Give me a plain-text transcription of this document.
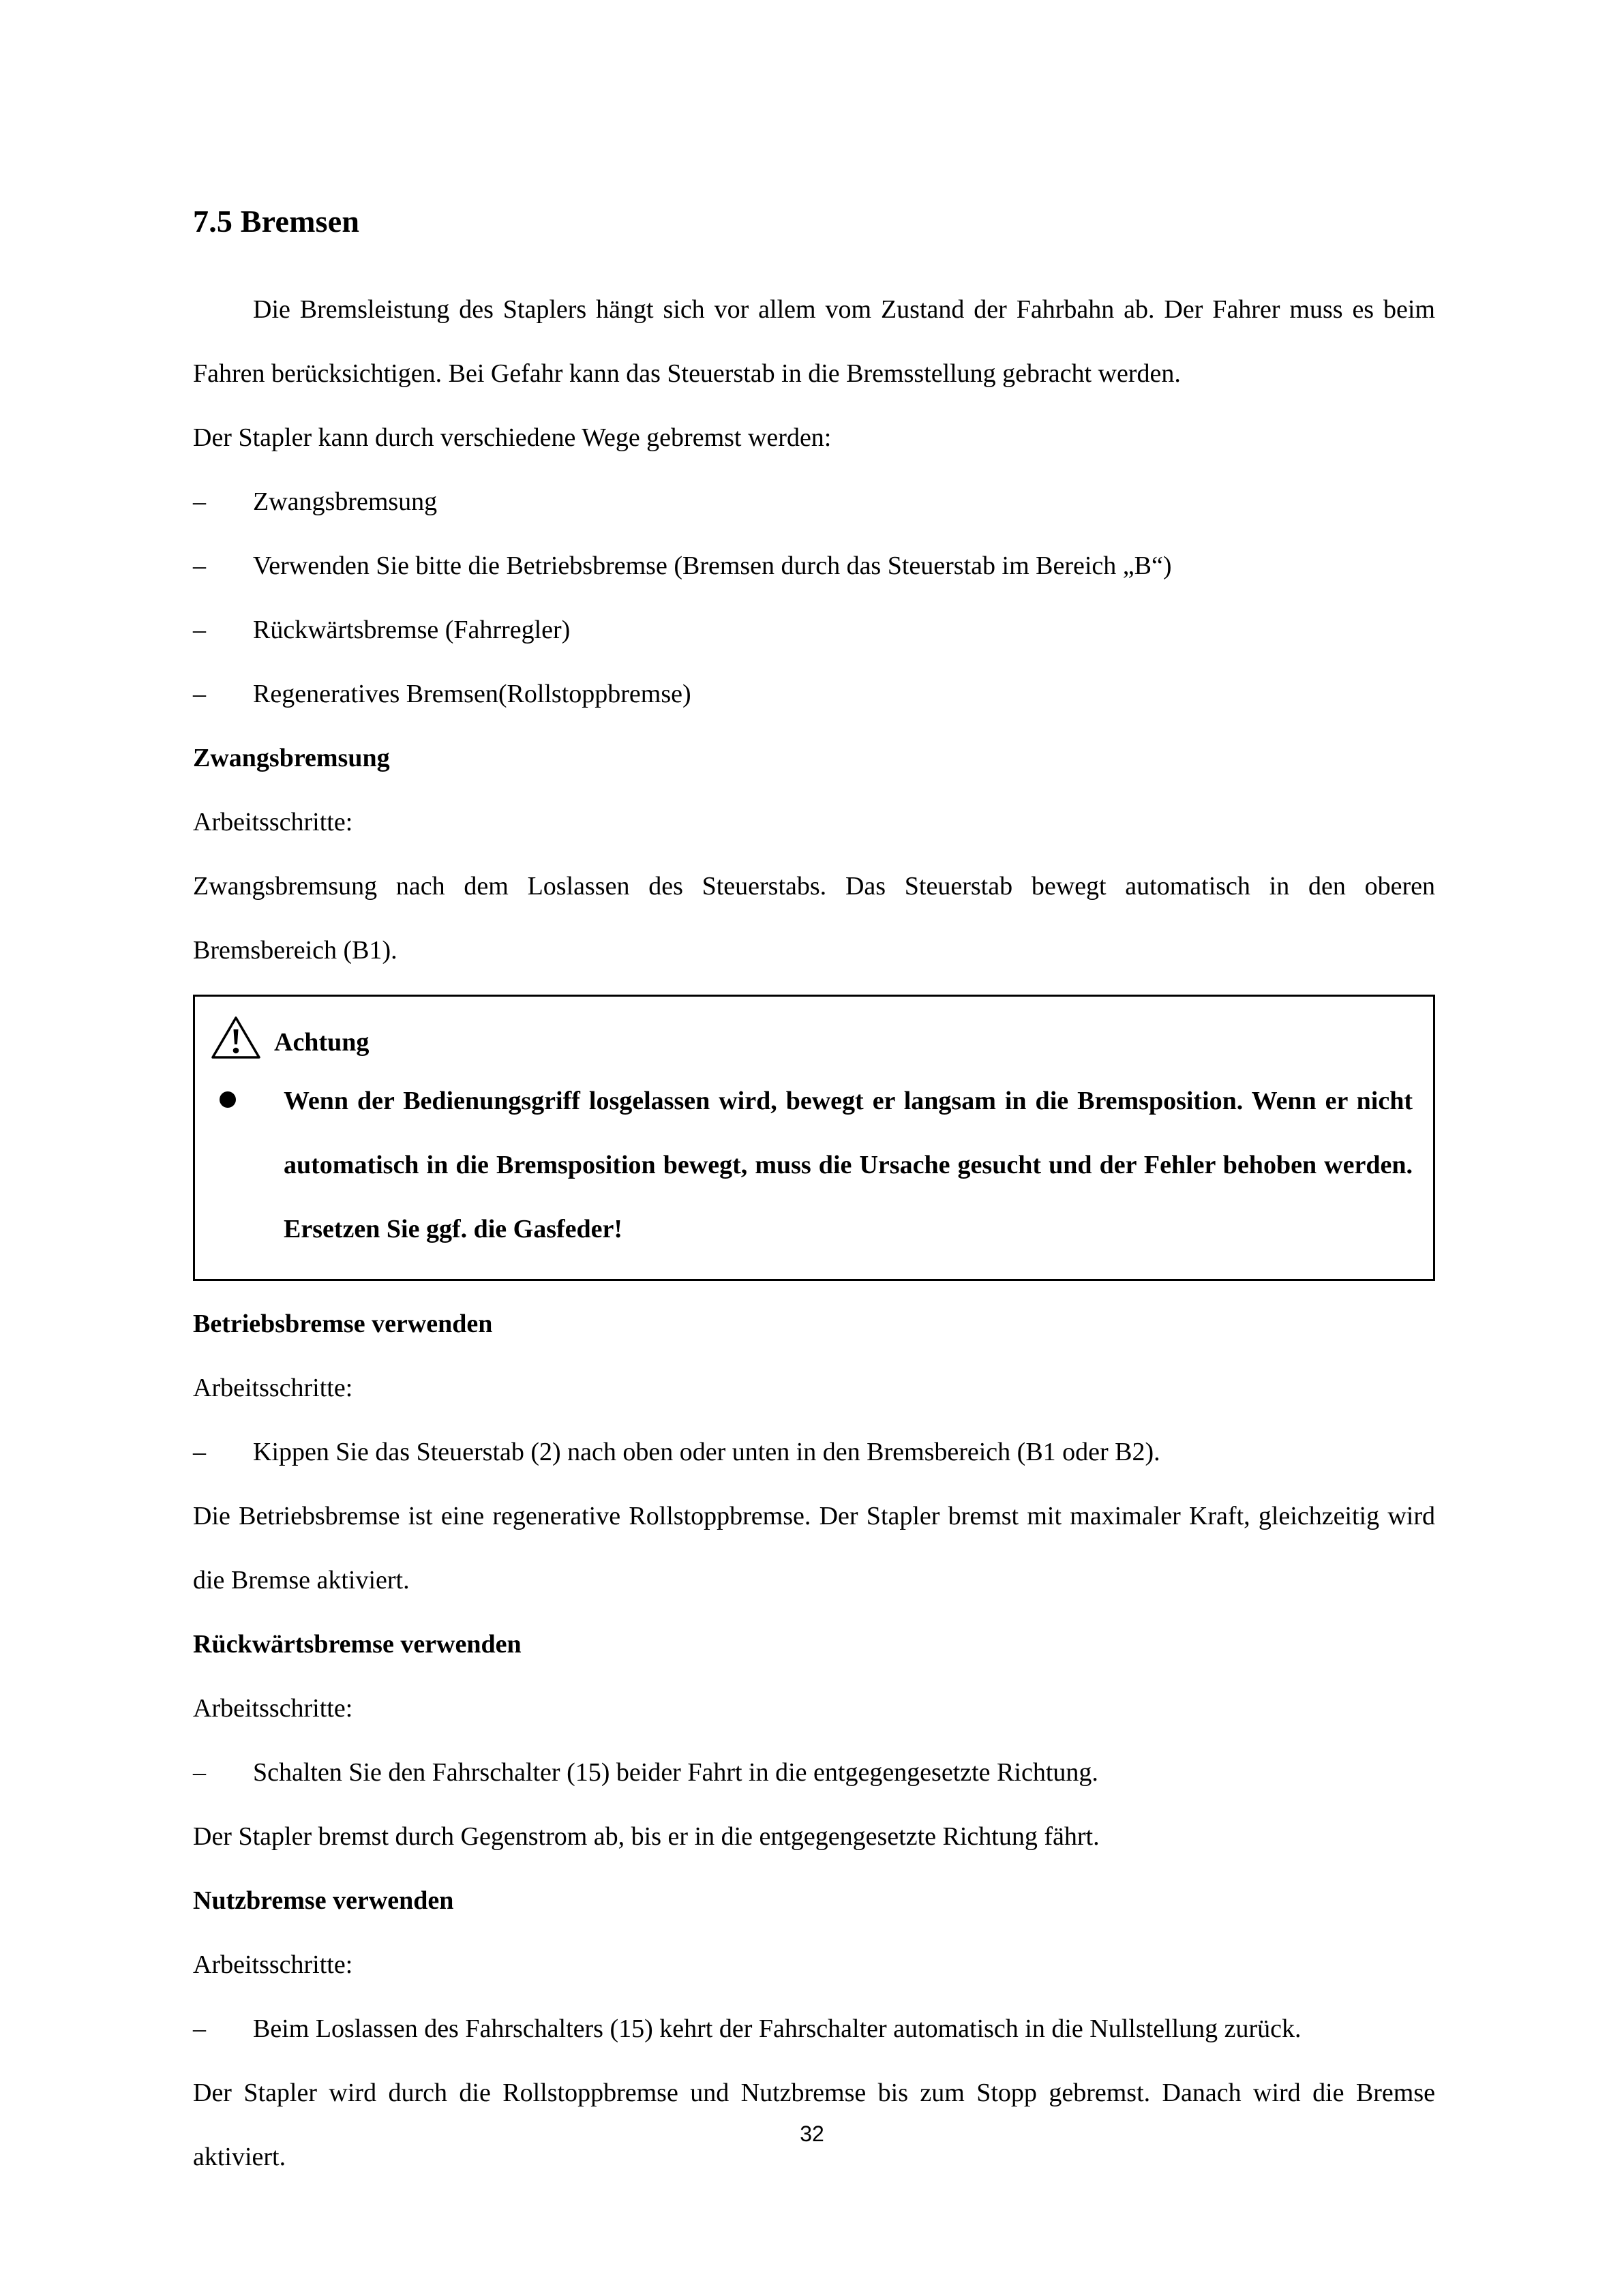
7.5 Bremsen

Die Bremsleistung des Staplers hängt sich vor allem vom Zustand der Fahrbahn ab. Der Fahrer muss es beim Fahren berücksichtigen. Bei Gefahr kann das Steuerstab in die Bremsstellung gebracht werden.

Der Stapler kann durch verschiedene Wege gebremst werden:

–	Zwangsbremsung
–	Verwenden Sie bitte die Betriebsbremse (Bremsen durch das Steuerstab im Bereich „B“)
–	Rückwärtsbremse (Fahrregler)
–	Regeneratives Bremsen(Rollstoppbremse)
Zwangsbremsung

Arbeitsschritte:

Zwangsbremsung nach dem Loslassen des Steuerstabs. Das Steuerstab bewegt automatisch in den oberen Bremsbereich (B1).

Achtung
Wenn der Bedienungsgriff losgelassen wird, bewegt er langsam in die Bremsposition. Wenn er nicht automatisch in die Bremsposition bewegt, muss die Ursache gesucht und der Fehler behoben werden. Ersetzen Sie ggf. die Gasfeder!
Betriebsbremse verwenden

Arbeitsschritte:

–	Kippen Sie das Steuerstab (2) nach oben oder unten in den Bremsbereich (B1 oder B2).

Die Betriebsbremse ist eine regenerative Rollstoppbremse. Der Stapler bremst mit maximaler Kraft, gleichzeitig wird die Bremse aktiviert.

Rückwärtsbremse verwenden

Arbeitsschritte:

–	Schalten Sie den Fahrschalter (15) beider Fahrt in die entgegengesetzte Richtung.

Der Stapler bremst durch Gegenstrom ab, bis er in die entgegengesetzte Richtung fährt.

Nutzbremse verwenden

Arbeitsschritte:

–	Beim Loslassen des Fahrschalters (15) kehrt der Fahrschalter automatisch in die Nullstellung zurück.

Der Stapler wird durch die Rollstoppbremse und Nutzbremse bis zum Stopp gebremst. Danach wird die Bremse aktiviert.

32
